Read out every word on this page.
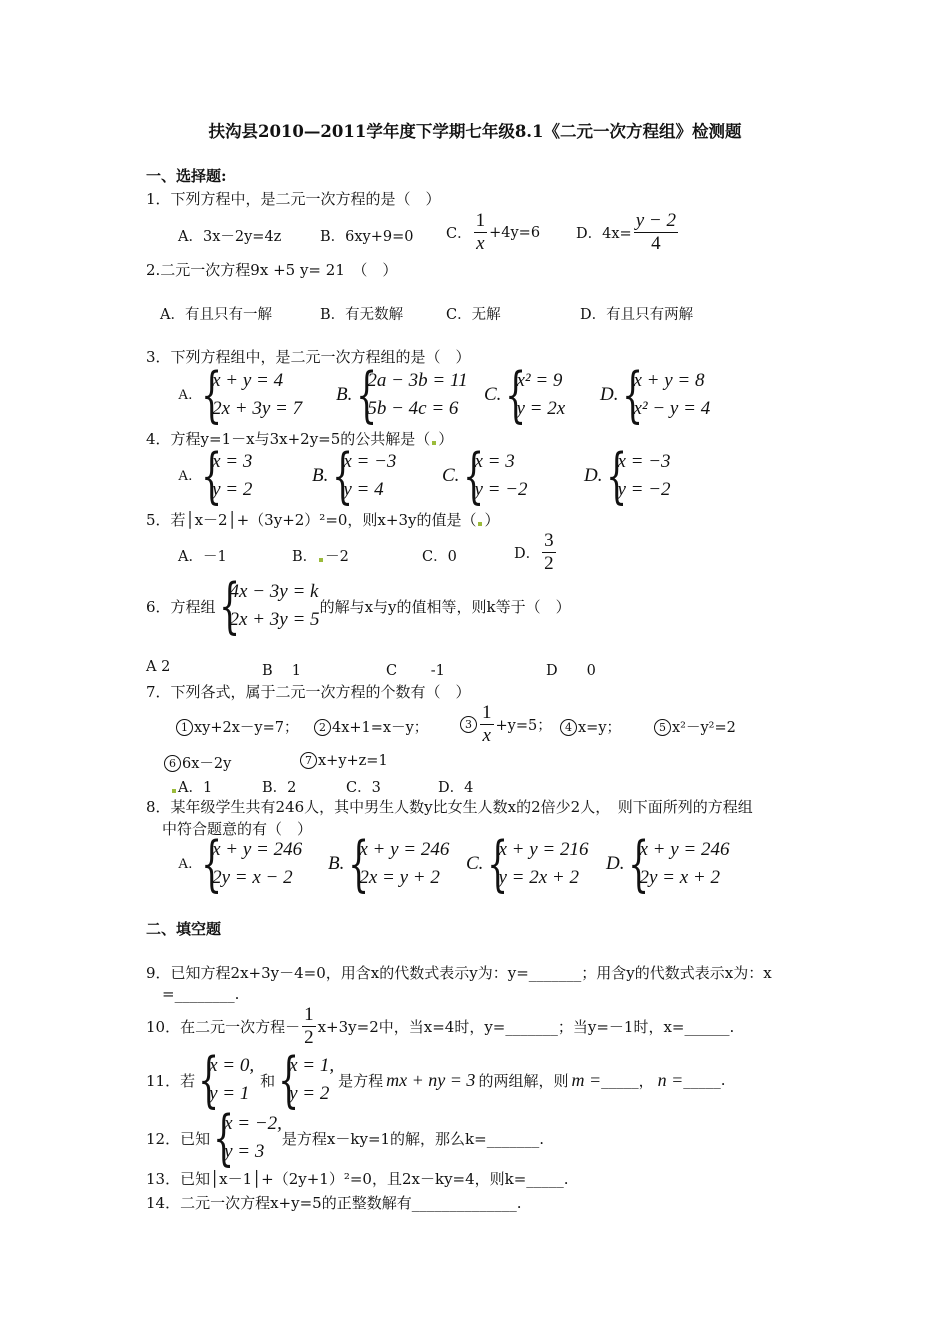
扶沟县2010—2011学年度下学期七年级8.1《二元一次方程组》检测题
一、选择题:
1．下列方程中，是二元一次方程的是（　）
A．3x－2y=4z	B．6xy+9=0 C． $\frac{1}{x} +4y=6$ D．$4x= \frac{y - 2}{4}$
2.二元一次方程9x +5 y= 21　（　）
A．有且只有一解	B．有无数解	C．无解	D．有且只有两解
3．下列方程组中，是二元一次方程组的是（　）
A. {
x + y = 4
2x + 3y = 7
B. {
2a − 3b = 11
5b − 4c = 6
C. {
x² = 9
y = 2x
D. {
x + y = 8
x² − y = 4
4．方程y=1－x与3x+2y=5的公共解是（ ）
A. {
x = 3
y = 2
B. {
x = −3
y = 4
C. {
x = 3
y = −2
D. {
x = −3
y = −2
5．若│x－2│+（3y+2）²=0，则x+3y的值是（ ）
A．－1	B． －2	C．0	D． $\frac{3}{2}$
6．方程组 {
4x − 3y = k
2x + 3y = 5
的解与x与y的值相等，则k等于（　）
A 2	B　 1	C　　 -1	D　　0
7．下列各式，属于二元一次方程的个数有（　）
1 xy+2x－y=7；	2 4x+1=x－y；	$3 \frac{1}{x} +y=5$；	4 x=y；	5 x²－y²=2
6 6x－2y	7 x+y+z=1
A．1	B．2	C．3	D．4
8．某年级学生共有246人，其中男生人数y比女生人数x的2倍少2人，　则下面所列的方程组
中符合题意的有（　）
A. {
x + y = 246
2y = x − 2
B. {
x + y = 246
2x = y + 2
C. {
x + y = 216
y = 2x + 2
D. {
x + y = 246
2y = x + 2
二、填空题
9．已知方程2x+3y－4=0，用含x的代数式表示y为：y=_______；用含y的代数式表示x为：x
=________.
10．在二元一次方程－ $\frac{1}{2} x+3y=2$中，当x=4时，y=_______；当y=－1时，x=______.
11．若 {
x = 0,
y = 1
和 {
x = 1,
y = 2
是方程 mx + ny = 3 的两组解，则 m = _____ ， n = _____.
12．已知 {
x = −2,
y = 3
是方程x－ky=1的解，那么k=_______.
13．已知│x－1│+（2y+1）²=0，且2x－ky=4，则k=_____.
14．二元一次方程x+y=5的正整数解有______________.
